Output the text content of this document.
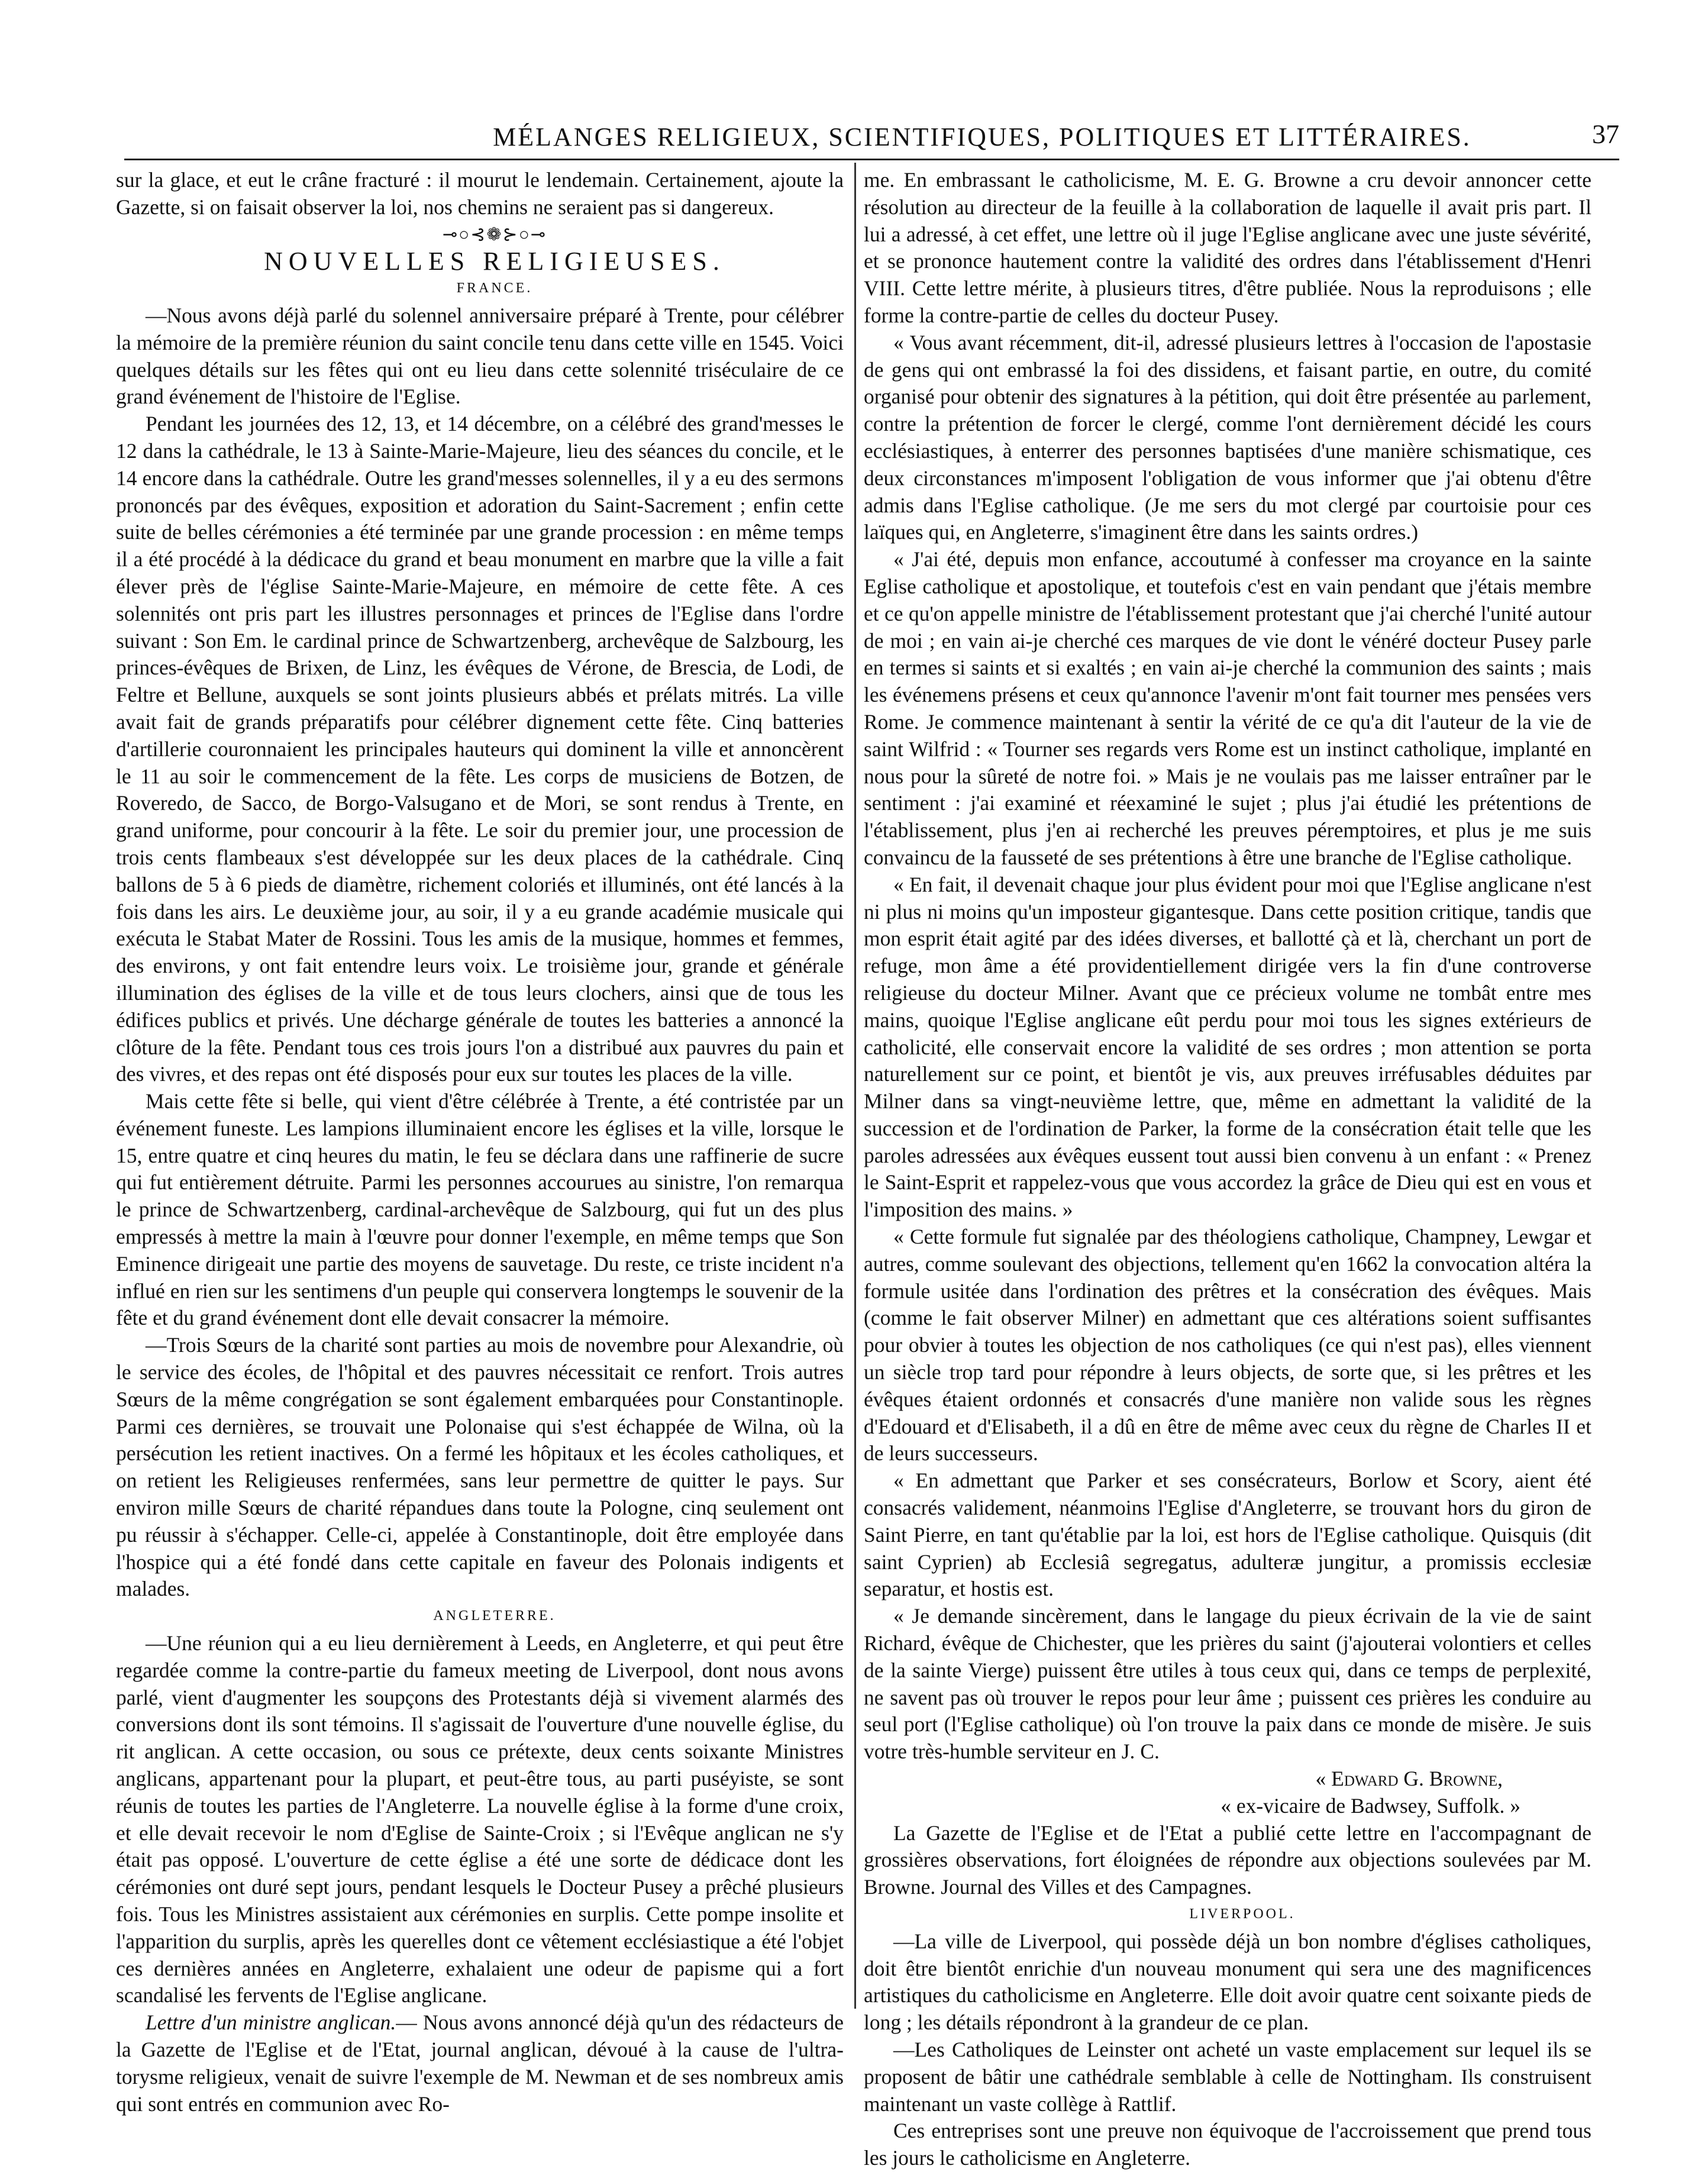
MÉLANGES RELIGIEUX, SCIENTIFIQUES, POLITIQUES ET LITTÉRAIRES.	37

sur la glace, et eut le crâne fracturé : il mourut le lendemain. Certainement, ajoute la Gazette, si on faisait observer la loi, nos chemins ne seraient pas si dangereux.

⊸○⊰❁⊱○⊸

NOUVELLES RELIGIEUSES.

FRANCE.

—Nous avons déjà parlé du solennel anniversaire préparé à Trente, pour célébrer la mémoire de la première réunion du saint concile tenu dans cette ville en 1545. Voici quelques détails sur les fêtes qui ont eu lieu dans cette solennité triséculaire de ce grand événement de l'histoire de l'Eglise.

Pendant les journées des 12, 13, et 14 décembre, on a célébré des grand'messes le 12 dans la cathédrale, le 13 à Sainte-Marie-Majeure, lieu des séances du concile, et le 14 encore dans la cathédrale. Outre les grand'messes solennelles, il y a eu des sermons prononcés par des évêques, exposition et adoration du Saint-Sacrement ; enfin cette suite de belles cérémonies a été terminée par une grande procession : en même temps il a été procédé à la dédicace du grand et beau monument en marbre que la ville a fait élever près de l'église Sainte-Marie-Majeure, en mémoire de cette fête. A ces solennités ont pris part les illustres personnages et princes de l'Eglise dans l'ordre suivant : Son Em. le cardinal prince de Schwartzenberg, archevêque de Salzbourg, les princes-évêques de Brixen, de Linz, les évêques de Vérone, de Brescia, de Lodi, de Feltre et Bellune, auxquels se sont joints plusieurs abbés et prélats mitrés. La ville avait fait de grands préparatifs pour célébrer dignement cette fête. Cinq batteries d'artillerie couronnaient les principales hauteurs qui dominent la ville et annoncèrent le 11 au soir le commencement de la fête. Les corps de musiciens de Botzen, de Roveredo, de Sacco, de Borgo-Valsugano et de Mori, se sont rendus à Trente, en grand uniforme, pour concourir à la fête. Le soir du premier jour, une procession de trois cents flambeaux s'est développée sur les deux places de la cathédrale. Cinq ballons de 5 à 6 pieds de diamètre, richement coloriés et illuminés, ont été lancés à la fois dans les airs. Le deuxième jour, au soir, il y a eu grande académie musicale qui exécuta le Stabat Mater de Rossini. Tous les amis de la musique, hommes et femmes, des environs, y ont fait entendre leurs voix. Le troisième jour, grande et générale illumination des églises de la ville et de tous leurs clochers, ainsi que de tous les édifices publics et privés. Une décharge générale de toutes les batteries a annoncé la clôture de la fête. Pendant tous ces trois jours l'on a distribué aux pauvres du pain et des vivres, et des repas ont été disposés pour eux sur toutes les places de la ville.

Mais cette fête si belle, qui vient d'être célébrée à Trente, a été contristée par un événement funeste. Les lampions illuminaient encore les églises et la ville, lorsque le 15, entre quatre et cinq heures du matin, le feu se déclara dans une raffinerie de sucre qui fut entièrement détruite. Parmi les personnes accourues au sinistre, l'on remarqua le prince de Schwartzenberg, cardinal-archevêque de Salzbourg, qui fut un des plus empressés à mettre la main à l'œuvre pour donner l'exemple, en même temps que Son Eminence dirigeait une partie des moyens de sauvetage. Du reste, ce triste incident n'a influé en rien sur les sentimens d'un peuple qui conservera longtemps le souvenir de la fête et du grand événement dont elle devait consacrer la mémoire.

—Trois Sœurs de la charité sont parties au mois de novembre pour Alexandrie, où le service des écoles, de l'hôpital et des pauvres nécessitait ce renfort. Trois autres Sœurs de la même congrégation se sont également embarquées pour Constantinople. Parmi ces dernières, se trouvait une Polonaise qui s'est échappée de Wilna, où la persécution les retient inactives. On a fermé les hôpitaux et les écoles catholiques, et on retient les Religieuses renfermées, sans leur permettre de quitter le pays. Sur environ mille Sœurs de charité répandues dans toute la Pologne, cinq seulement ont pu réussir à s'échapper. Celle-ci, appelée à Constantinople, doit être employée dans l'hospice qui a été fondé dans cette capitale en faveur des Polonais indigents et malades.

ANGLETERRE.

—Une réunion qui a eu lieu dernièrement à Leeds, en Angleterre, et qui peut être regardée comme la contre-partie du fameux meeting de Liverpool, dont nous avons parlé, vient d'augmenter les soupçons des Protestants déjà si vivement alarmés des conversions dont ils sont témoins. Il s'agissait de l'ouverture d'une nouvelle église, du rit anglican. A cette occasion, ou sous ce prétexte, deux cents soixante Ministres anglicans, appartenant pour la plupart, et peut-être tous, au parti puséyiste, se sont réunis de toutes les parties de l'Angleterre. La nouvelle église à la forme d'une croix, et elle devait recevoir le nom d'Eglise de Sainte-Croix ; si l'Evêque anglican ne s'y était pas opposé. L'ouverture de cette église a été une sorte de dédicace dont les cérémonies ont duré sept jours, pendant lesquels le Docteur Pusey a prêché plusieurs fois. Tous les Ministres assistaient aux cérémonies en surplis. Cette pompe insolite et l'apparition du surplis, après les querelles dont ce vêtement ecclésiastique a été l'objet ces dernières années en Angleterre, exhalaient une odeur de papisme qui a fort scandalisé les fervents de l'Eglise anglicane.

Lettre d'un ministre anglican.— Nous avons annoncé déjà qu'un des rédacteurs de la Gazette de l'Eglise et de l'Etat, journal anglican, dévoué à la cause de l'ultra-torysme religieux, venait de suivre l'exemple de M. Newman et de ses nombreux amis qui sont entrés en communion avec Ro-

me. En embrassant le catholicisme, M. E. G. Browne a cru devoir annoncer cette résolution au directeur de la feuille à la collaboration de laquelle il avait pris part. Il lui a adressé, à cet effet, une lettre où il juge l'Eglise anglicane avec une juste sévérité, et se prononce hautement contre la validité des ordres dans l'établissement d'Henri VIII. Cette lettre mérite, à plusieurs titres, d'être publiée. Nous la reproduisons ; elle forme la contre-partie de celles du docteur Pusey.

« Vous avant récemment, dit-il, adressé plusieurs lettres à l'occasion de l'apostasie de gens qui ont embrassé la foi des dissidens, et faisant partie, en outre, du comité organisé pour obtenir des signatures à la pétition, qui doit être présentée au parlement, contre la prétention de forcer le clergé, comme l'ont dernièrement décidé les cours ecclésiastiques, à enterrer des personnes baptisées d'une manière schismatique, ces deux circonstances m'imposent l'obligation de vous informer que j'ai obtenu d'être admis dans l'Eglise catholique. (Je me sers du mot clergé par courtoisie pour ces laïques qui, en Angleterre, s'imaginent être dans les saints ordres.)

« J'ai été, depuis mon enfance, accoutumé à confesser ma croyance en la sainte Eglise catholique et apostolique, et toutefois c'est en vain pendant que j'étais membre et ce qu'on appelle ministre de l'établissement protestant que j'ai cherché l'unité autour de moi ; en vain ai-je cherché ces marques de vie dont le vénéré docteur Pusey parle en termes si saints et si exaltés ; en vain ai-je cherché la communion des saints ; mais les événemens présens et ceux qu'annonce l'avenir m'ont fait tourner mes pensées vers Rome. Je commence maintenant à sentir la vérité de ce qu'a dit l'auteur de la vie de saint Wilfrid : « Tourner ses regards vers Rome est un instinct catholique, implanté en nous pour la sûreté de notre foi. » Mais je ne voulais pas me laisser entraîner par le sentiment : j'ai examiné et réexaminé le sujet ; plus j'ai étudié les prétentions de l'établissement, plus j'en ai recherché les preuves péremptoires, et plus je me suis convaincu de la fausseté de ses prétentions à être une branche de l'Eglise catholique.

« En fait, il devenait chaque jour plus évident pour moi que l'Eglise anglicane n'est ni plus ni moins qu'un imposteur gigantesque. Dans cette position critique, tandis que mon esprit était agité par des idées diverses, et ballotté çà et là, cherchant un port de refuge, mon âme a été providentiellement dirigée vers la fin d'une controverse religieuse du docteur Milner. Avant que ce précieux volume ne tombât entre mes mains, quoique l'Eglise anglicane eût perdu pour moi tous les signes extérieurs de catholicité, elle conservait encore la validité de ses ordres ; mon attention se porta naturellement sur ce point, et bientôt je vis, aux preuves irréfusables déduites par Milner dans sa vingt-neuvième lettre, que, même en admettant la validité de la succession et de l'ordination de Parker, la forme de la consécration était telle que les paroles adressées aux évêques eussent tout aussi bien convenu à un enfant : « Prenez le Saint-Esprit et rappelez-vous que vous accordez la grâce de Dieu qui est en vous et l'imposition des mains. »

« Cette formule fut signalée par des théologiens catholique, Champney, Lewgar et autres, comme soulevant des objections, tellement qu'en 1662 la convocation altéra la formule usitée dans l'ordination des prêtres et la consécration des évêques. Mais (comme le fait observer Milner) en admettant que ces altérations soient suffisantes pour obvier à toutes les objection de nos catholiques (ce qui n'est pas), elles viennent un siècle trop tard pour répondre à leurs objects, de sorte que, si les prêtres et les évêques étaient ordonnés et consacrés d'une manière non valide sous les règnes d'Edouard et d'Elisabeth, il a dû en être de même avec ceux du règne de Charles II et de leurs successeurs.

« En admettant que Parker et ses consécrateurs, Borlow et Scory, aient été consacrés validement, néanmoins l'Eglise d'Angleterre, se trouvant hors du giron de Saint Pierre, en tant qu'établie par la loi, est hors de l'Eglise catholique. Quisquis (dit saint Cyprien) ab Ecclesiâ segregatus, adulteræ jungitur, a promissis ecclesiæ separatur, et hostis est.

« Je demande sincèrement, dans le langage du pieux écrivain de la vie de saint Richard, évêque de Chichester, que les prières du saint (j'ajouterai volontiers et celles de la sainte Vierge) puissent être utiles à tous ceux qui, dans ce temps de perplexité, ne savent pas où trouver le repos pour leur âme ; puissent ces prières les conduire au seul port (l'Eglise catholique) où l'on trouve la paix dans ce monde de misère. Je suis votre très-humble serviteur en J. C.

« Edward G. Browne,

« ex-vicaire de Badwsey, Suffolk. »

La Gazette de l'Eglise et de l'Etat a publié cette lettre en l'accompagnant de grossières observations, fort éloignées de répondre aux objections soulevées par M. Browne. Journal des Villes et des Campagnes.

LIVERPOOL.

—La ville de Liverpool, qui possède déjà un bon nombre d'églises catholiques, doit être bientôt enrichie d'un nouveau monument qui sera une des magnificences artistiques du catholicisme en Angleterre. Elle doit avoir quatre cent soixante pieds de long ; les détails répondront à la grandeur de ce plan.

—Les Catholiques de Leinster ont acheté un vaste emplacement sur lequel ils se proposent de bâtir une cathédrale semblable à celle de Nottingham. Ils construisent maintenant un vaste collège à Rattlif.

Ces entreprises sont une preuve non équivoque de l'accroissement que prend tous les jours le catholicisme en Angleterre.
